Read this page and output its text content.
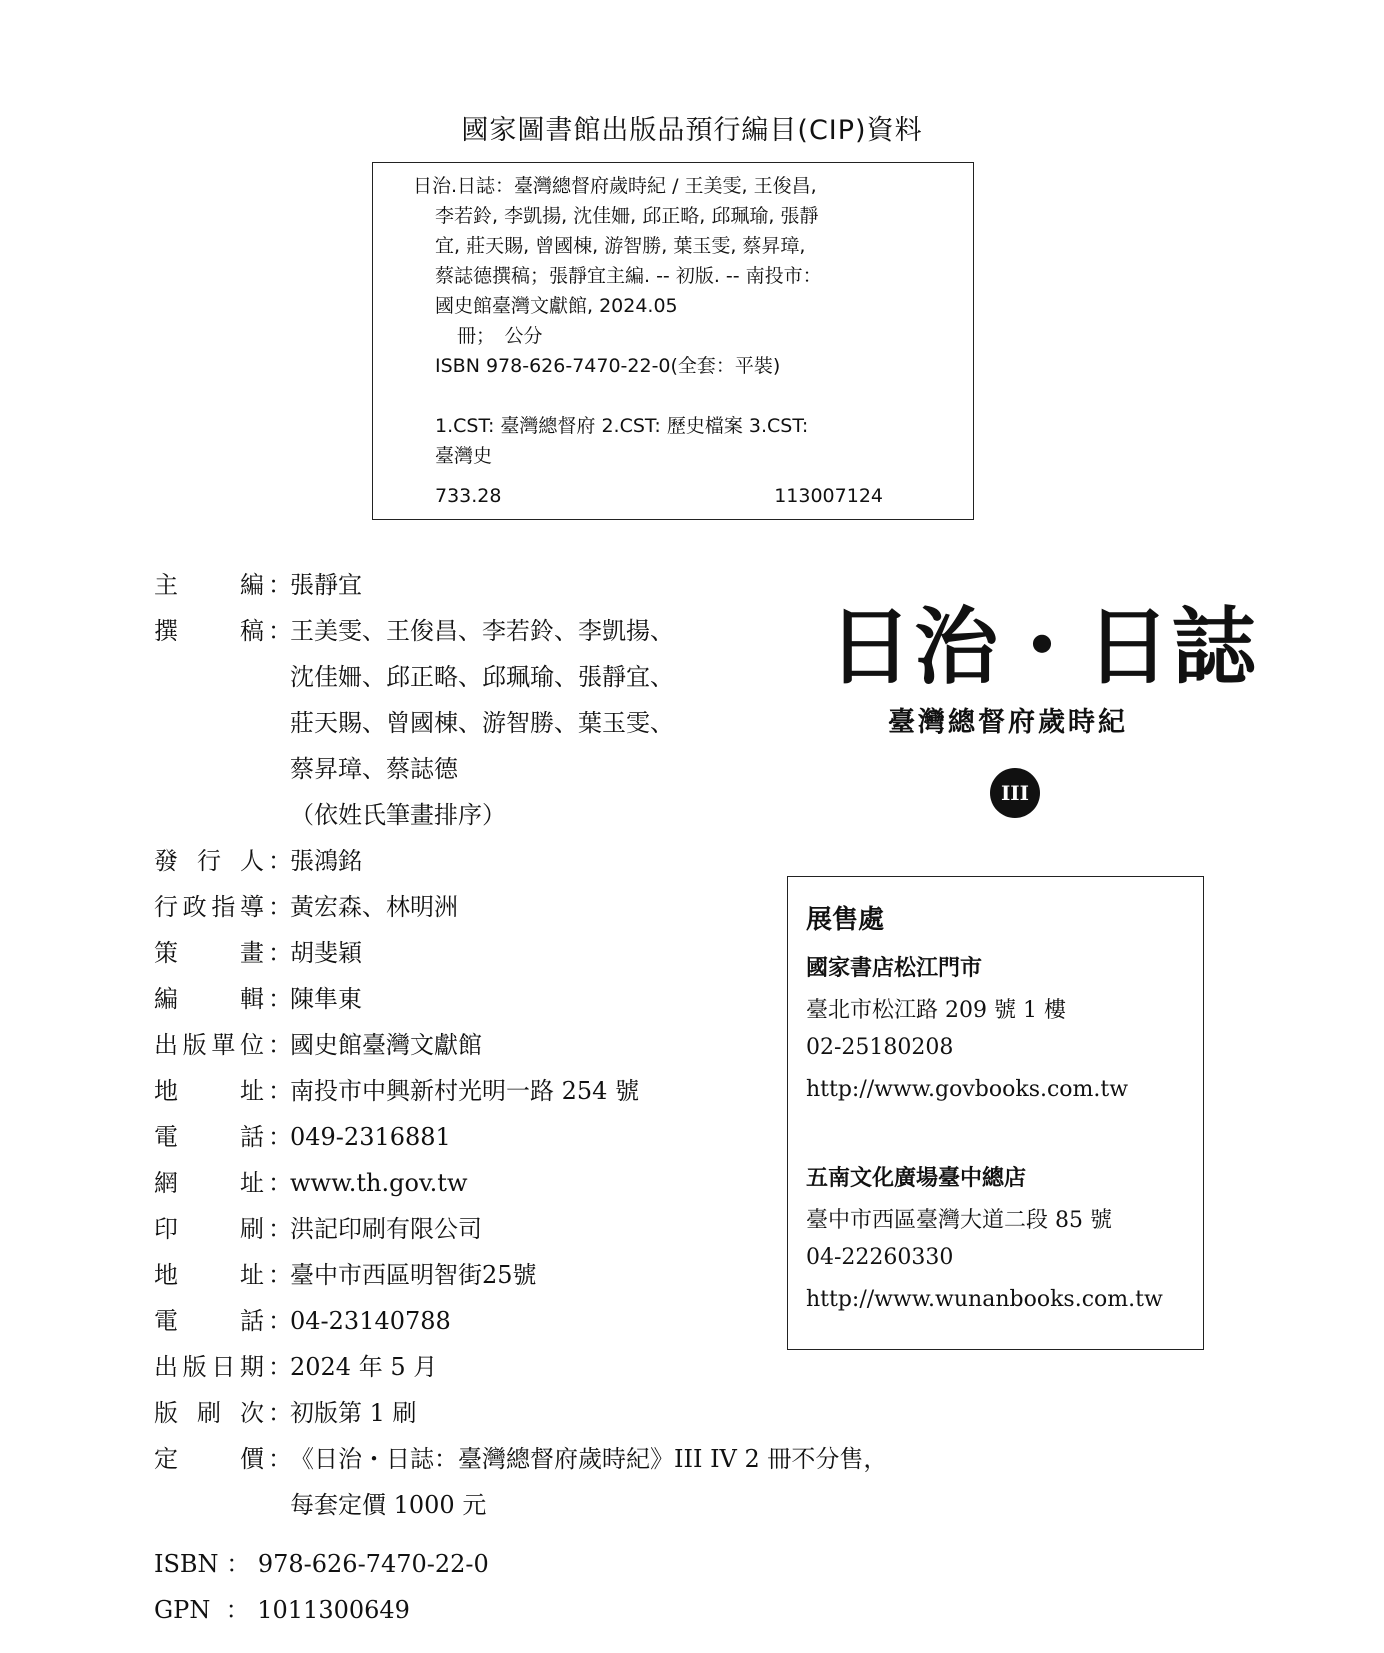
國家圖書館出版品預行編目(CIP)資料
日治.日誌：臺灣總督府歲時紀 / 王美雯, 王俊昌,
李若鈴, 李凱揚, 沈佳姍, 邱正略, 邱珮瑜, 張靜
宜, 莊天賜, 曾國棟, 游智勝, 葉玉雯, 蔡昇璋,
蔡誌德撰稿；張靜宜主編. -- 初版. -- 南投市：
國史館臺灣文獻館, 2024.05
冊；　公分
ISBN 978-626-7470-22-0(全套：平裝)
1.CST: 臺灣總督府 2.CST: 歷史檔案 3.CST:
臺灣史
733.28	113007124
主	編 ：
張靜宜
撰	稿 ：
王美雯、王俊昌、李若鈴、李凱揚、
沈佳姍、邱正略、邱珮瑜、張靜宜、
莊天賜、曾國棟、游智勝、葉玉雯、
蔡昇璋、蔡誌德
（依姓氏筆畫排序）
發 行 人 ：
張鴻銘
行 政 指 導 ：
黃宏森、林明洲
策	畫 ：
胡斐穎
編	輯 ：
陳隼東
出 版 單 位 ：
國史館臺灣文獻館
地	址 ：
南投市中興新村光明一路 254 號
電	話 ：
049-2316881
網	址 ：
www.th.gov.tw
印	刷 ：
洪記印刷有限公司
地	址 ：
臺中市西區明智街25號
電	話 ：
04-23140788
出 版 日 期 ：
2024 年 5 月
版 刷 次 ：
初版第 1 刷
定	價 ：
《日治・日誌：臺灣總督府歲時紀》III IV 2 冊不分售，
每套定價 1000 元
ISBN ： 978-626-7470-22-0
GPN  ： 1011300649
日治・日誌
臺灣總督府歲時紀
III
展售處
國家書店松江門市
臺北市松江路 209 號 1 樓
02-25180208
http://www.govbooks.com.tw
五南文化廣場臺中總店
臺中市西區臺灣大道二段 85 號
04-22260330
http://www.wunanbooks.com.tw
